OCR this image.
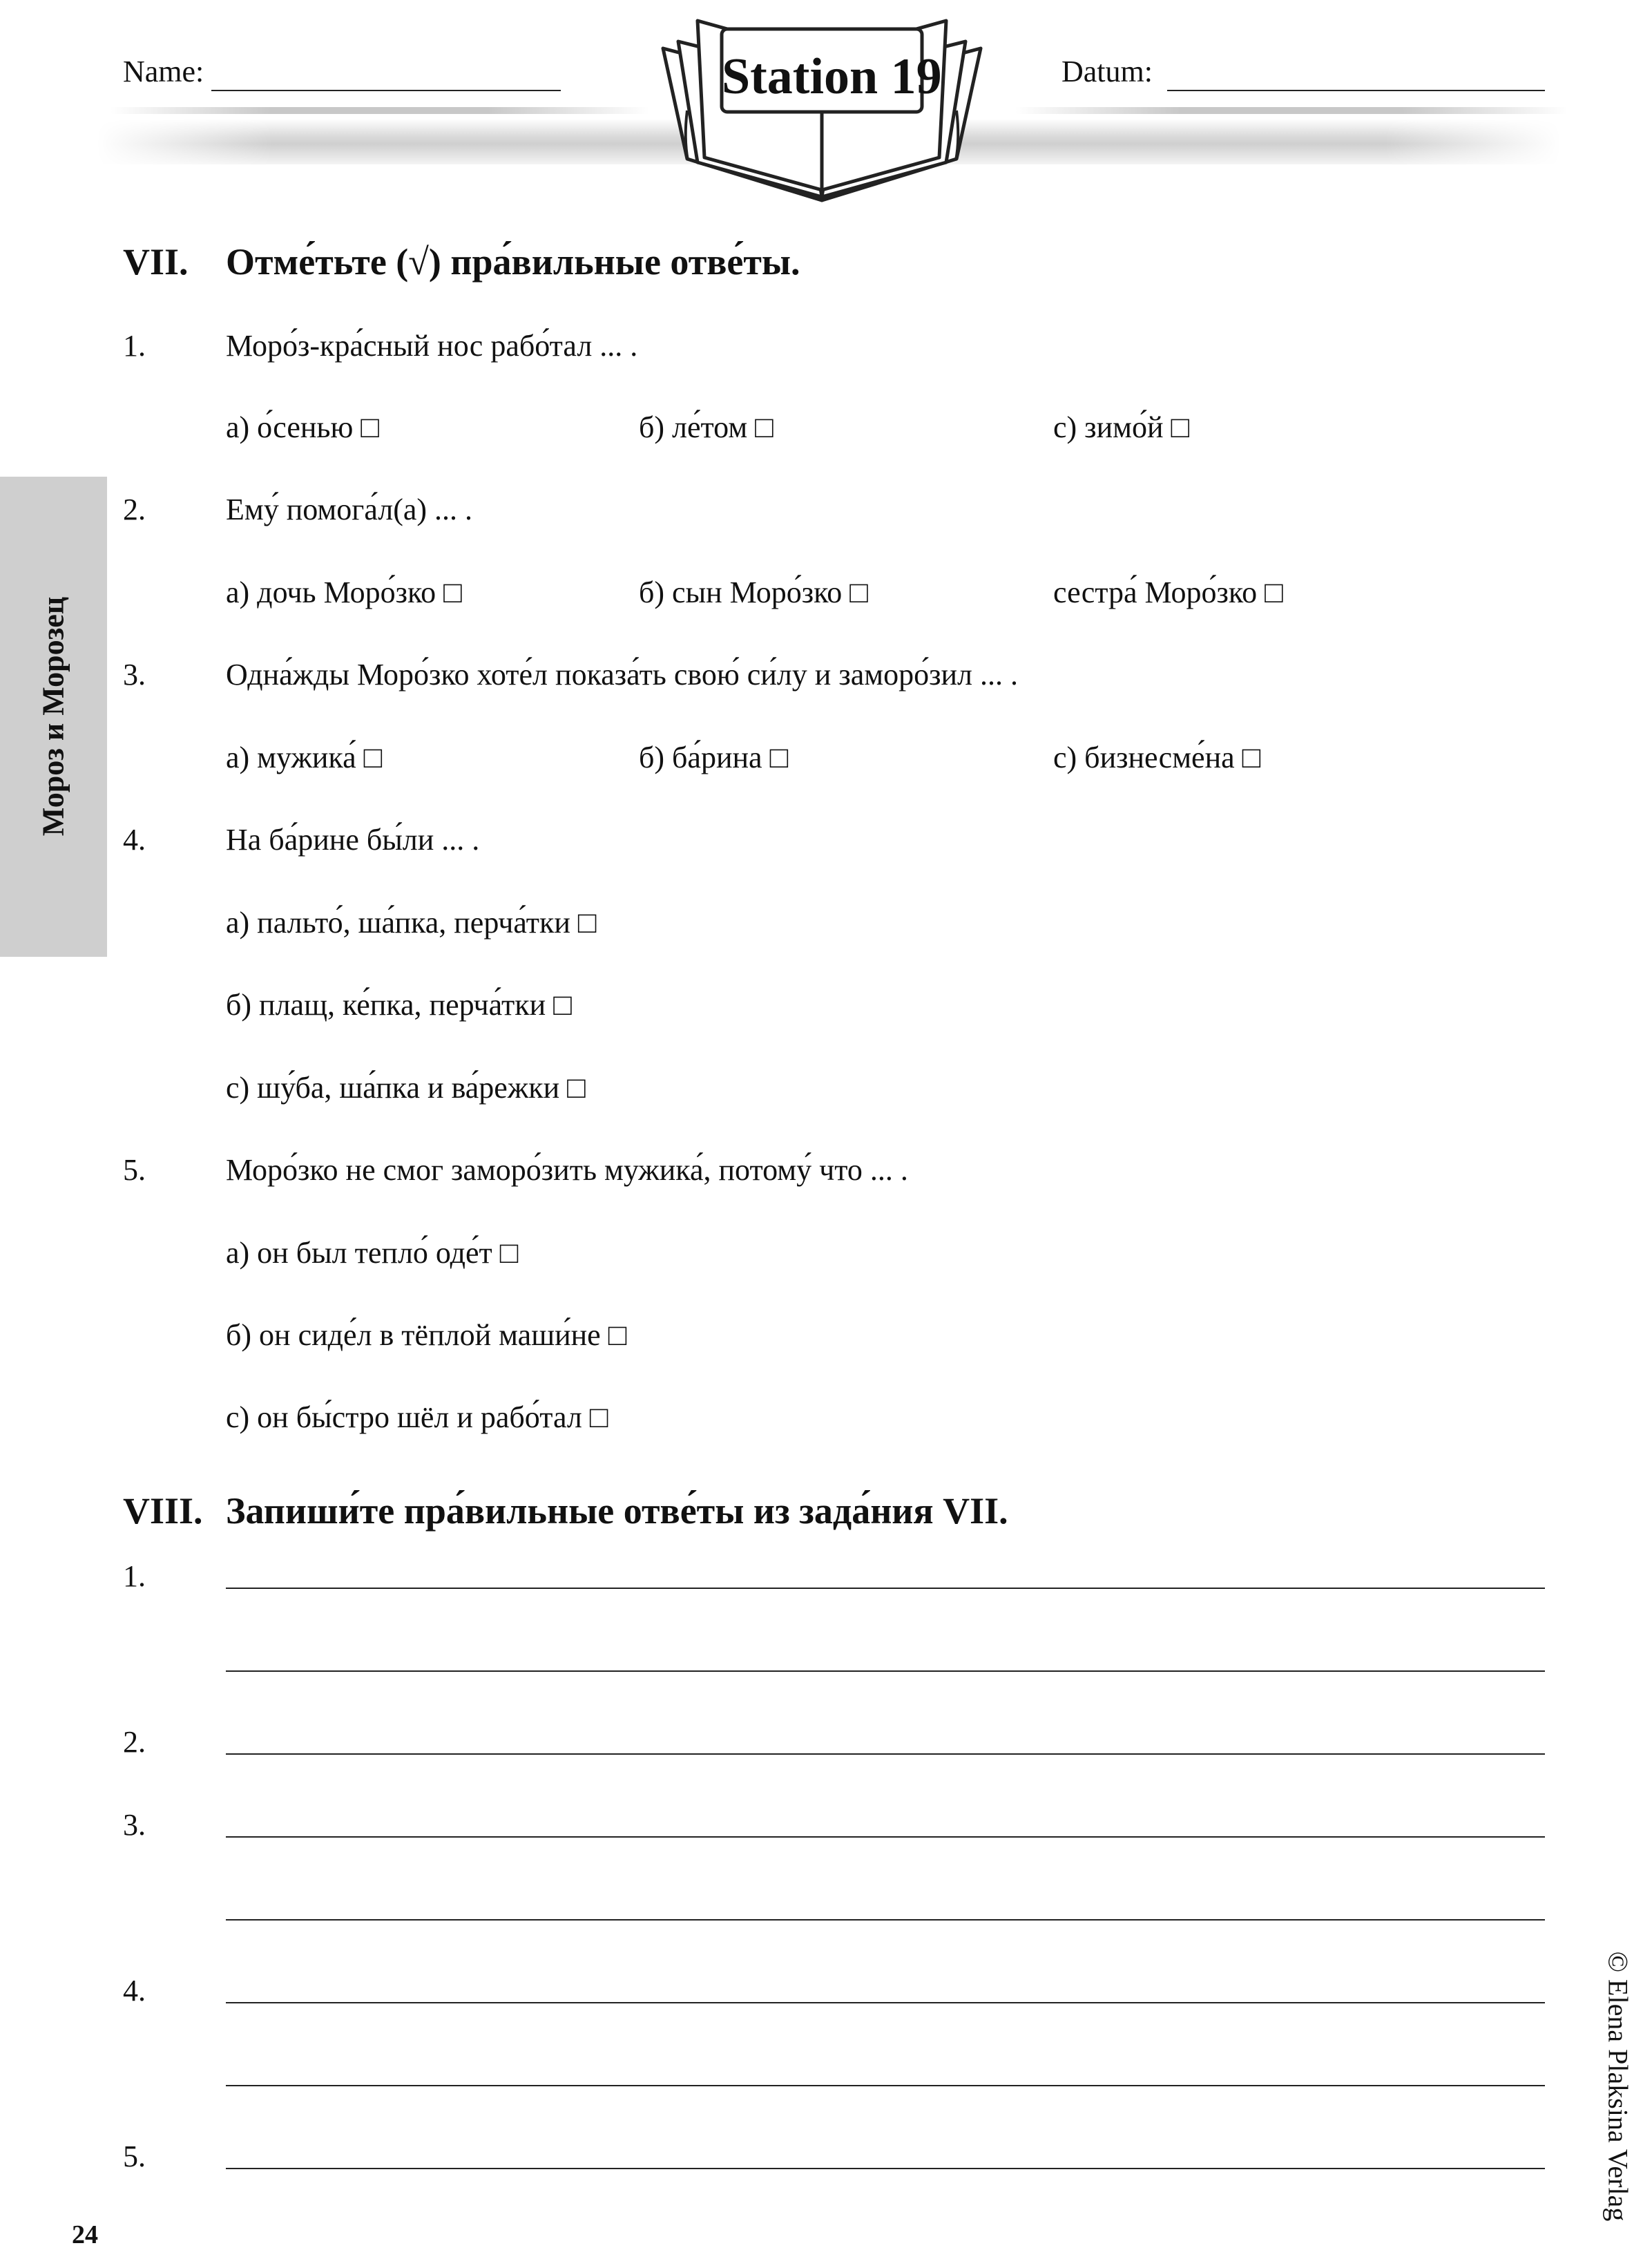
Name:	Datum:
Station 19
Мороз и Морозец
VII. Отме́тьте (√) пра́вильные отве́ты.
1.	Моро́з-кра́сный нос рабо́тал ... .
а) о́сенью □	б) ле́том □	с) зимо́й □
2.	Ему́ помога́л(а) ... .
а) дочь Моро́зко □	б) сын Моро́зко □	сестра́ Моро́зко □
3.	Одна́жды Моро́зко хоте́л показа́ть свою́ си́лу и заморо́зил ... .
а) мужика́ □	б) ба́рина □	с) бизнесме́на □
4.	На ба́рине бы́ли ... .
а) пальто́, ша́пка, перча́тки □
б) плащ, ке́пка, перча́тки □
с) шу́ба, ша́пка и ва́режки □
5.	Моро́зко не смог заморо́зить мужика́, потому́ что ... .
а) он был тепло́ оде́т □
б) он сиде́л в тёплой маши́не □
с) он бы́стро шёл и рабо́тал □
VIII. Запиши́те пра́вильные отве́ты из зада́ния VII.
1.
2.
3.
4.
5.
24
© Elena Plaksina Verlag
